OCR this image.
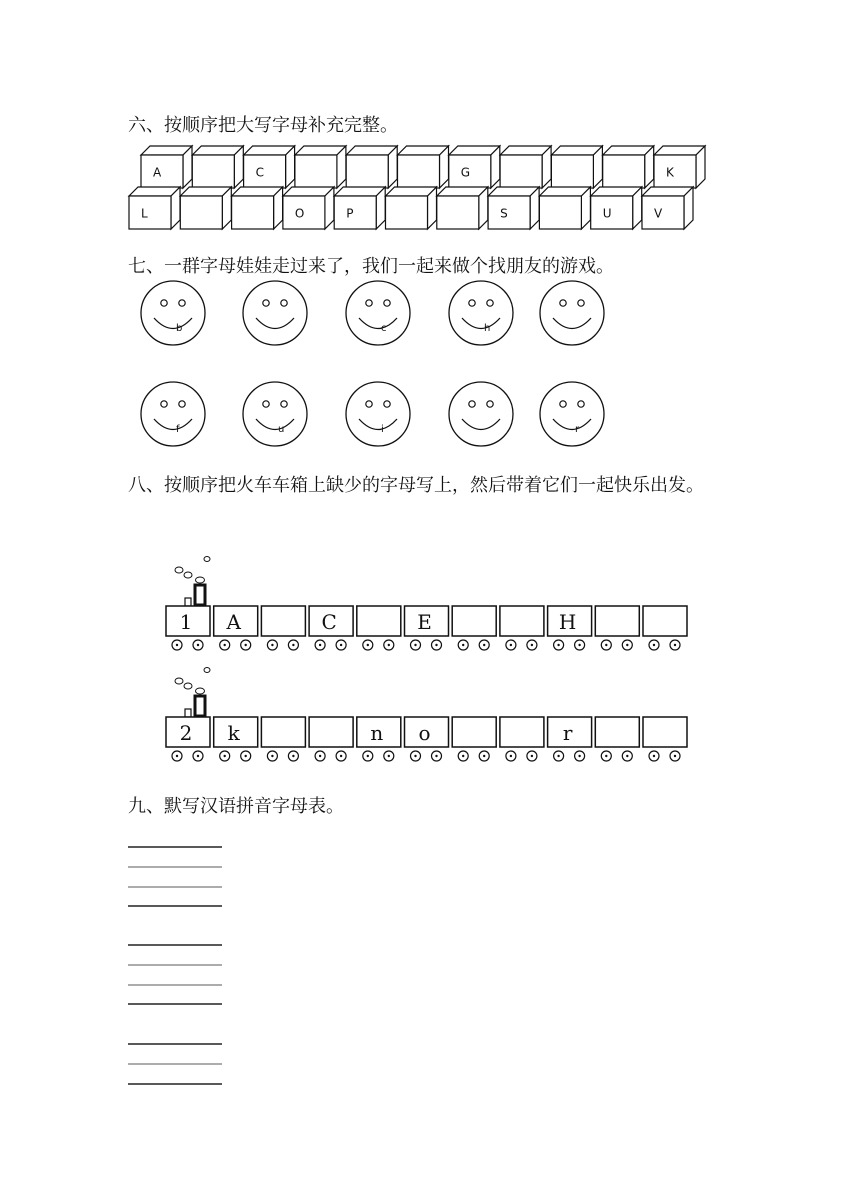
六、按顺序把大写字母补充完整。
七、一群字母娃娃走过来了，我们一起来做个找朋友的游戏。
八、按顺序把火车车箱上缺少的字母写上，然后带着它们一起快乐出发。
九、默写汉语拼音字母表。
A	C	G	K
L	O	P	S	U	V
b	c	h
f	u	i	r
1 A	C	E	H
2 k	n o	r
